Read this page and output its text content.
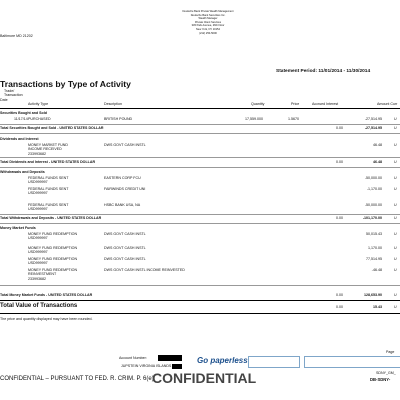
Baltimore MD 21202
Deutsche Bank Private Wealth Management
Deutsche Bank Securities Inc.
Wealth Manager
Private Client Services
345 Park Avenue, 26th Floor
New York, NY 10154
(212) 250-5000
Transactions by Type of Activity
Statement Period: 11/01/2014 - 11/30/2014
Trade/
Transaction
Date
Activity Type	Description	Quantity	Price	Accrued Interest	Amount Curr
Securities Bought and Sold
11/17/14 PURCHASED	BRITISH POUND	17,559.000	1.5670	-27,514.95	U
Total Securities Bought and Sold - UNITED STATES DOLLAR	0.00	-27,514.95	U
Dividends and Interest
MONEY MARKET FUND
INCOME RECEIVED
233993682
DWS GOVT CASH INSTL	46.48	U
Total Dividends and Interest - UNITED STATES DOLLAR	0.00	46.48	U
Withdrawals and Deposits
FEDERAL FUNDS SENT
USD999997
EASTERN CORP FCU	-50,000.00	U
FEDERAL FUNDS SENT
USD999997
FAIRWINDS CREDIT UNI	-1,170.00	U
FEDERAL FUNDS SENT
USD999997
HSBC BANK USA, NA	-50,000.00	U
Total Withdrawals and Deposits - UNITED STATES DOLLAR	0.00	-101,170.00	U
Money Market Funds
MONEY FUND REDEMPTION
USD999997
DWS GOVT CASH INSTL	50,015.43	U
MONEY FUND REDEMPTION
USD999997
DWS GOVT CASH INSTL	1,170.00	U
MONEY FUND REDEMPTION
USD999997
DWS GOVT CASH INSTL	77,514.95	U
MONEY FUND REDEMPTION
REINVESTMENT
233993682
DWS GOVT CASH INSTL INCOME REINVESTED	-46.48	U
Total Money Market Funds - UNITED STATES DOLLAR	0.00	128,653.90	U
Total Value of Transactions	0.00	15.43	U
The price and quantity displayed may have been rounded.
Page
Account Number:
JUPSTEIN VIRGINIA ISLANDS
Go paperless
CONFIDENTIAL – PURSUANT TO FED. R. CRIM. P. 6(e)
CONFIDENTIAL	SDNY_GM_
DB-SDNY-
